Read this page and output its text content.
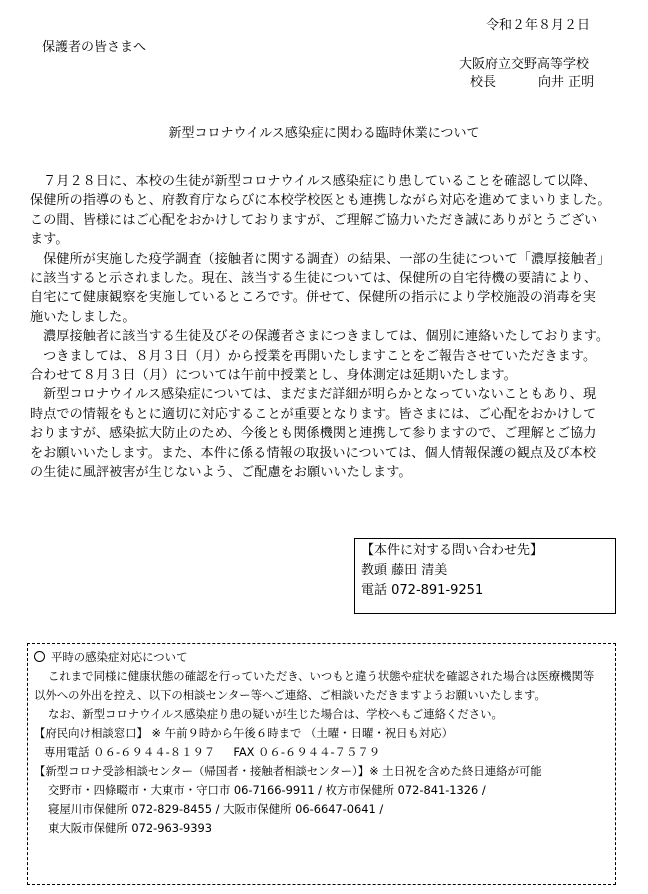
令和２年８月２日
保護者の皆さまへ
大阪府立交野高等学校
校長	向井 正明
新型コロナウイルス感染症に関わる臨時休業について

７月２８日に、本校の生徒が新型コロナウイルス感染症にり患していることを確認して以降、

保健所の指導のもと、府教育庁ならびに本校学校医とも連携しながら対応を進めてまいりました。

この間、皆様にはご心配をおかけしておりますが、ご理解ご協力いただき誠にありがとうござい

ます。

保健所が実施した疫学調査（接触者に関する調査）の結果、一部の生徒について「濃厚接触者」

に該当すると示されました。現在、該当する生徒については、保健所の自宅待機の要請により、

自宅にて健康観察を実施しているところです。併せて、保健所の指示により学校施設の消毒を実

施いたしました。

濃厚接触者に該当する生徒及びその保護者さまにつきましては、個別に連絡いたしております。

つきましては、８月３日（月）から授業を再開いたしますことをご報告させていただきます。

合わせて８月３日（月）については午前中授業とし、身体測定は延期いたします。

新型コロナウイルス感染症については、まだまだ詳細が明らかとなっていないこともあり、現

時点での情報をもとに適切に対応することが重要となります。皆さまには、ご心配をおかけして

おりますが、感染拡大防止のため、今後とも関係機関と連携して参りますので、ご理解とご協力

をお願いいたします。また、本件に係る情報の取扱いについては、個人情報保護の観点及び本校

の生徒に風評被害が生じないよう、ご配慮をお願いいたします。

【本件に対する問い合わせ先】
教頭 藤田 清美
電話 072-891-9251
平時の感染症対応について
これまで同様に健康状態の確認を行っていただき、いつもと違う状態や症状を確認された場合は医療機関等
以外への外出を控え、以下の相談センター等へご連絡、ご相談いただきますようお願いいたします。
なお、新型コロナウイルス感染症り患の疑いが生じた場合は、学校へもご連絡ください。
【府民向け相談窓口】 ※ 午前９時から午後６時まで （土曜・日曜・祝日も対応）
専用電話 ０６-６９４４-８１９７ FAX ０６-６９４４-７５７９
【新型コロナ受診相談センター（帰国者・接触者相談センター）】※ 土日祝を含めた終日連絡が可能
交野市・四條畷市・大東市・守口市 06-7166-9911 / 枚方市保健所 072-841-1326 /
寝屋川市保健所 072-829-8455 / 大阪市保健所 06-6647-0641 /
東大阪市保健所 072-963-9393
